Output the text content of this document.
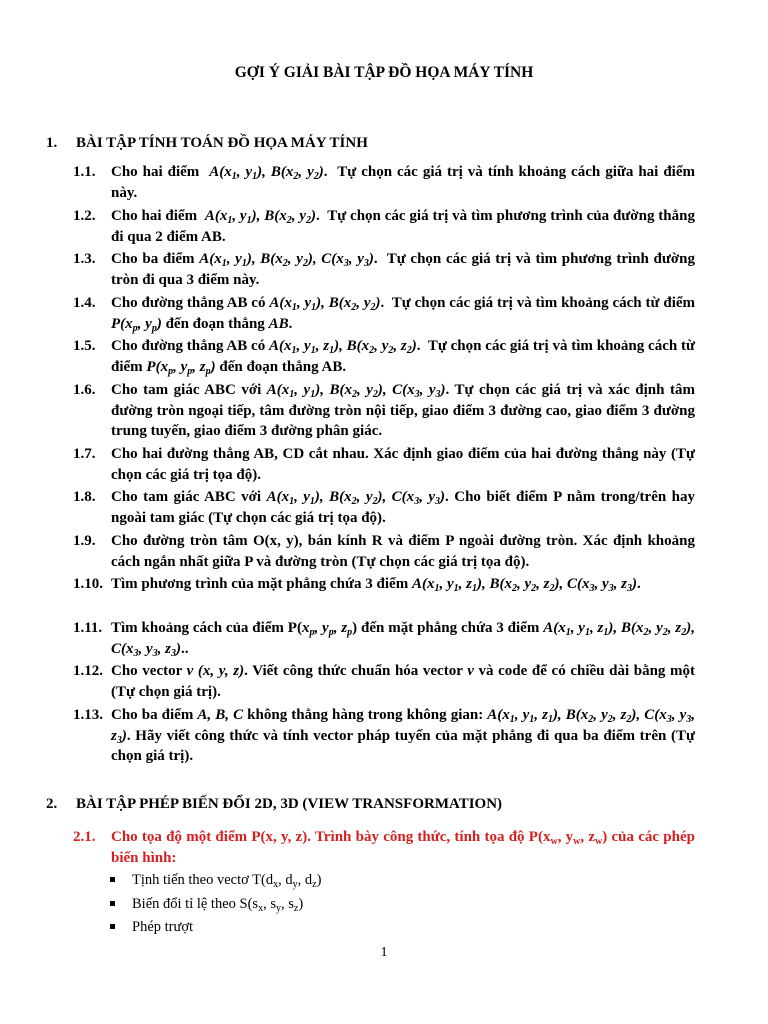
GỢI Ý GIẢI BÀI TẬP ĐỒ HỌA MÁY TÍNH
1. BÀI TẬP TÍNH TOÁN ĐỒ HỌA MÁY TÍNH
1.1. Cho hai điểm $A(x_1$, $y_1$), $B(x_2$, $y_2$).  Tự chọn các giá trị và tính khoảng cách giữa hai điểm này.
1.2. Cho hai điểm $A(x_1$, $y_1$), $B(x_2$, $y_2$).  Tự chọn các giá trị và tìm phương trình của đường thẳng đi qua 2 điểm AB.
1.3. Cho ba điểm $A(x_1$, $y_1$), $B(x_2$, $y_2$), $C(x_3$, $y_3$).  Tự chọn các giá trị và tìm phương trình đường tròn đi qua 3 điểm này.
1.4. Cho đường thẳng AB có $A(x_1$, $y_1$), $B(x_2$, $y_2$).  Tự chọn các giá trị và tìm khoảng cách từ điểm $P(x_p$, $y_p$) đến đoạn thẳng AB.
1.5. Cho đường thẳng AB có $A(x_1$, $y_1$, $z_1$), $B(x_2$, $y_2$, $z_2$).  Tự chọn các giá trị và tìm khoảng cách từ điểm $P(x_p$, $y_p$, $z_p$) đến đoạn thẳng AB.
1.6. Cho tam giác ABC với $A(x_1$, $y_1$), $B(x_2$, $y_2$), $C(x_3$, $y_3$). Tự chọn các giá trị và xác định tâm đường tròn ngoại tiếp, tâm đường tròn nội tiếp, giao điểm 3 đường cao, giao điểm 3 đường trung tuyến, giao điểm 3 đường phân giác.
1.7. Cho hai đường thẳng AB, CD cắt nhau. Xác định giao điểm của hai đường thẳng này (Tự chọn các giá trị tọa độ).
1.8. Cho tam giác ABC với $A(x_1$, $y_1$), $B(x_2$, $y_2$), $C(x_3$, $y_3$). Cho biết điểm P nằm trong/trên hay ngoài tam giác (Tự chọn các giá trị tọa độ).
1.9. Cho đường tròn tâm O(x, y), bán kính R và điểm P ngoài đường tròn. Xác định khoảng cách ngắn nhất giữa P và đường tròn (Tự chọn các giá trị tọa độ).
1.10. Tìm phương trình của mặt phẳng chứa 3 điểm $A(x_1$, $y_1$, $z_1$), $B(x_2$, $y_2$, $z_2$), $C(x_3$, $y_3$, $z_3$).
1.11. Tìm khoảng cách của điểm $P(x_p$, $y_p$, $z_p$) đến mặt phẳng chứa 3 điểm $A(x_1$, $y_1$, $z_1$), $B(x_2$, $y_2$, $z_2$), $C(x_3$, $y_3$, $z_3$)..
1.12. Cho vector v (x, y, z). Viết công thức chuẩn hóa vector v và code để có chiều dài bằng một (Tự chọn giá trị).
1.13. Cho ba điểm A, B, C không thẳng hàng trong không gian: $A(x_1$, $y_1$, $z_1$), $B(x_2$, $y_2$, $z_2$), $C(x_3$, $y_3$, $z_3$). Hãy viết công thức và tính vector pháp tuyến của mặt phẳng đi qua ba điểm trên (Tự chọn giá trị).
2. BÀI TẬP PHÉP BIẾN ĐỔI 2D, 3D (VIEW TRANSFORMATION)
2.1. Cho tọa độ một điểm P(x, y, z). Trình bày công thức, tính tọa độ $P(x_w$, $y_w$, $z_w$) của các phép biến hình:
Tịnh tiến theo vectơ $T(d_x$, $d_y$, $d_z$)
Biến đổi tỉ lệ theo $S(s_x$, $s_y$, $s_z$)
Phép trượt
1
